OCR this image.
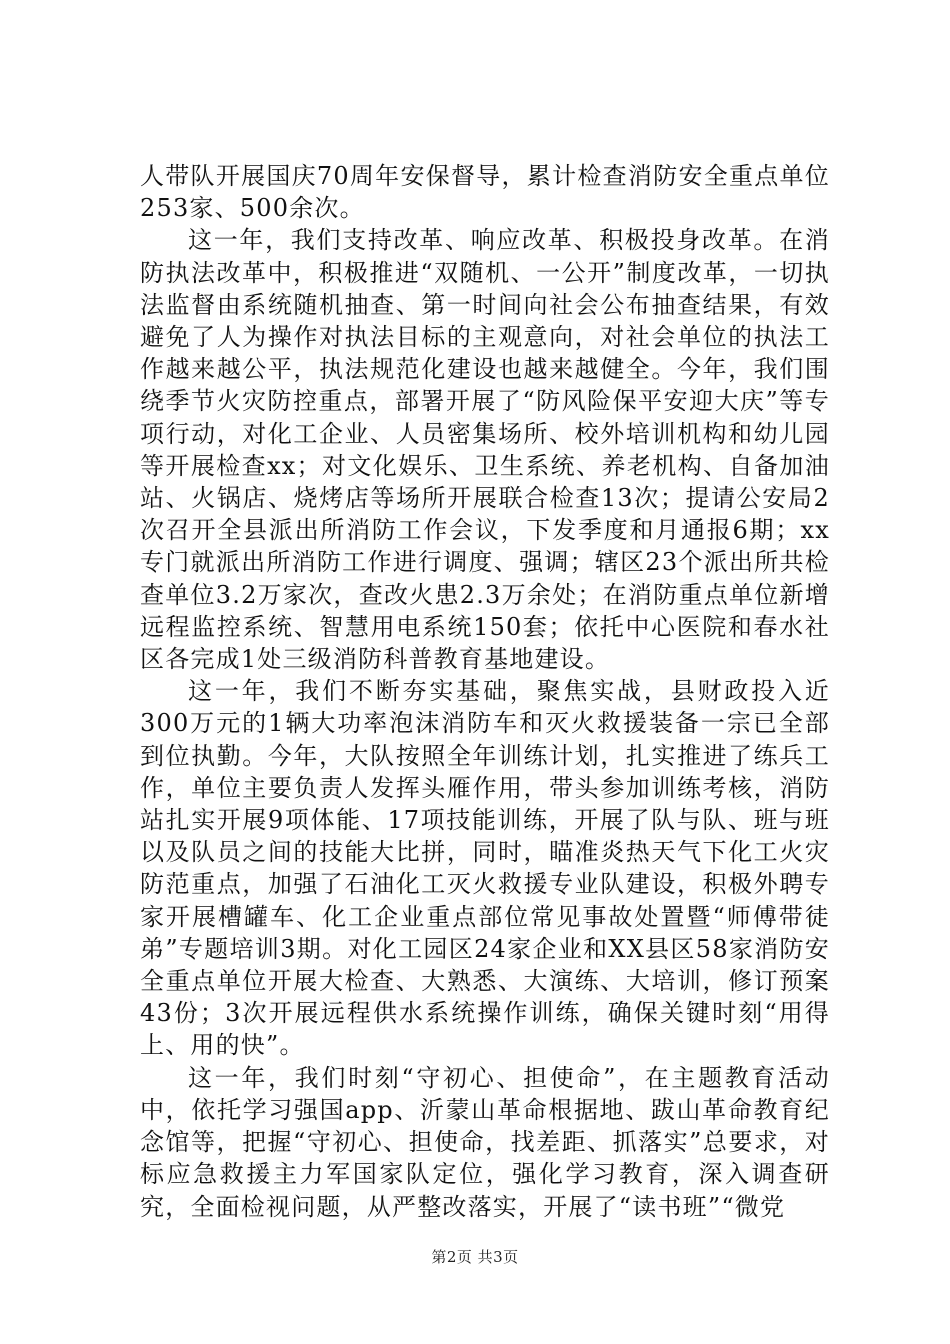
人带队开展国庆70周年安保督导，累计检查消防安全重点单位253家、500余次。

这一年，我们支持改革、响应改革、积极投身改革。在消防执法改革中，积极推进“双随机、一公开”制度改革，一切执法监督由系统随机抽查、第一时间向社会公布抽查结果，有效避免了人为操作对执法目标的主观意向，对社会单位的执法工作越来越公平，执法规范化建设也越来越健全。今年，我们围绕季节火灾防控重点，部署开展了“防风险保平安迎大庆”等专项行动，对化工企业、人员密集场所、校外培训机构和幼儿园等开展检查xx；对文化娱乐、卫生系统、养老机构、自备加油站、火锅店、烧烤店等场所开展联合检查13次；提请公安局2次召开全县派出所消防工作会议，下发季度和月通报6期；xx专门就派出所消防工作进行调度、强调；辖区23个派出所共检查单位3.2万家次，查改火患2.3万余处；在消防重点单位新增远程监控系统、智慧用电系统150套；依托中心医院和春水社区各完成1处三级消防科普教育基地建设。

这一年，我们不断夯实基础，聚焦实战，县财政投入近300万元的1辆大功率泡沫消防车和灭火救援装备一宗已全部到位执勤。今年，大队按照全年训练计划，扎实推进了练兵工作，单位主要负责人发挥头雁作用，带头参加训练考核，消防站扎实开展9项体能、17项技能训练，开展了队与队、班与班以及队员之间的技能大比拼，同时，瞄准炎热天气下化工火灾防范重点，加强了石油化工灭火救援专业队建设，积极外聘专家开展槽罐车、化工企业重点部位常见事故处置暨“师傅带徒弟”专题培训3期。对化工园区24家企业和XX县区58家消防安全重点单位开展大检查、大熟悉、大演练、大培训，修订预案43份；3次开展远程供水系统操作训练，确保关键时刻“用得上、用的快”。

这一年，我们时刻“守初心、担使命”，在主题教育活动中，依托学习强国app、沂蒙山革命根据地、跋山革命教育纪念馆等，把握“守初心、担使命，找差距、抓落实”总要求，对标应急救援主力军国家队定位，强化学习教育，深入调查研究，全面检视问题，从严整改落实，开展了“读书班”“微党

第2页 共3页
